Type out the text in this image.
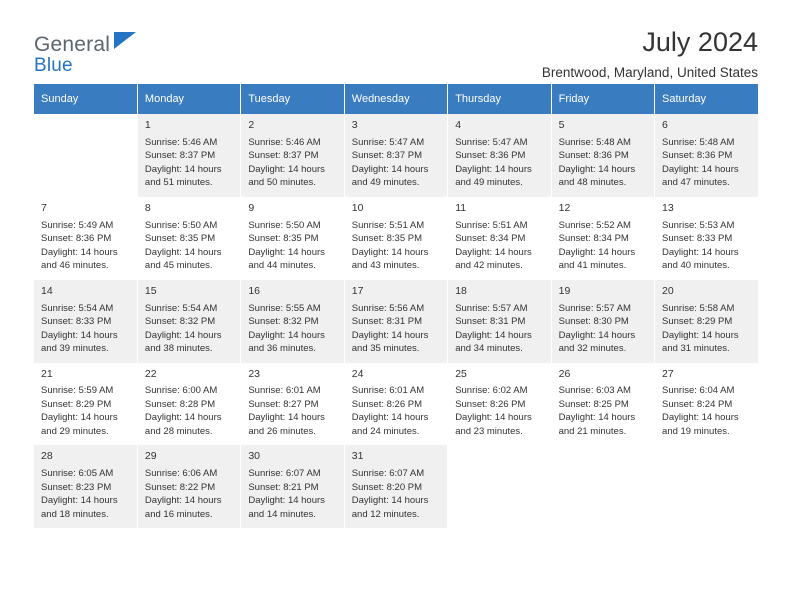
General
Blue
July 2024
Brentwood, Maryland, United States
Sunday	Monday	Tuesday	Wednesday	Thursday	Friday	Saturday

	1
Sunrise: 5:46 AM
Sunset: 8:37 PM
Daylight: 14 hours
and 51 minutes.	2
Sunrise: 5:46 AM
Sunset: 8:37 PM
Daylight: 14 hours
and 50 minutes.	3
Sunrise: 5:47 AM
Sunset: 8:37 PM
Daylight: 14 hours
and 49 minutes.	4
Sunrise: 5:47 AM
Sunset: 8:36 PM
Daylight: 14 hours
and 49 minutes.	5
Sunrise: 5:48 AM
Sunset: 8:36 PM
Daylight: 14 hours
and 48 minutes.	6
Sunrise: 5:48 AM
Sunset: 8:36 PM
Daylight: 14 hours
and 47 minutes.

7
Sunrise: 5:49 AM
Sunset: 8:36 PM
Daylight: 14 hours
and 46 minutes.	8
Sunrise: 5:50 AM
Sunset: 8:35 PM
Daylight: 14 hours
and 45 minutes.	9
Sunrise: 5:50 AM
Sunset: 8:35 PM
Daylight: 14 hours
and 44 minutes.	10
Sunrise: 5:51 AM
Sunset: 8:35 PM
Daylight: 14 hours
and 43 minutes.	11
Sunrise: 5:51 AM
Sunset: 8:34 PM
Daylight: 14 hours
and 42 minutes.	12
Sunrise: 5:52 AM
Sunset: 8:34 PM
Daylight: 14 hours
and 41 minutes.	13
Sunrise: 5:53 AM
Sunset: 8:33 PM
Daylight: 14 hours
and 40 minutes.

14
Sunrise: 5:54 AM
Sunset: 8:33 PM
Daylight: 14 hours
and 39 minutes.	15
Sunrise: 5:54 AM
Sunset: 8:32 PM
Daylight: 14 hours
and 38 minutes.	16
Sunrise: 5:55 AM
Sunset: 8:32 PM
Daylight: 14 hours
and 36 minutes.	17
Sunrise: 5:56 AM
Sunset: 8:31 PM
Daylight: 14 hours
and 35 minutes.	18
Sunrise: 5:57 AM
Sunset: 8:31 PM
Daylight: 14 hours
and 34 minutes.	19
Sunrise: 5:57 AM
Sunset: 8:30 PM
Daylight: 14 hours
and 32 minutes.	20
Sunrise: 5:58 AM
Sunset: 8:29 PM
Daylight: 14 hours
and 31 minutes.

21
Sunrise: 5:59 AM
Sunset: 8:29 PM
Daylight: 14 hours
and 29 minutes.	22
Sunrise: 6:00 AM
Sunset: 8:28 PM
Daylight: 14 hours
and 28 minutes.	23
Sunrise: 6:01 AM
Sunset: 8:27 PM
Daylight: 14 hours
and 26 minutes.	24
Sunrise: 6:01 AM
Sunset: 8:26 PM
Daylight: 14 hours
and 24 minutes.	25
Sunrise: 6:02 AM
Sunset: 8:26 PM
Daylight: 14 hours
and 23 minutes.	26
Sunrise: 6:03 AM
Sunset: 8:25 PM
Daylight: 14 hours
and 21 minutes.	27
Sunrise: 6:04 AM
Sunset: 8:24 PM
Daylight: 14 hours
and 19 minutes.

28
Sunrise: 6:05 AM
Sunset: 8:23 PM
Daylight: 14 hours
and 18 minutes.	29
Sunrise: 6:06 AM
Sunset: 8:22 PM
Daylight: 14 hours
and 16 minutes.	30
Sunrise: 6:07 AM
Sunset: 8:21 PM
Daylight: 14 hours
and 14 minutes.	31
Sunrise: 6:07 AM
Sunset: 8:20 PM
Daylight: 14 hours
and 12 minutes.			
